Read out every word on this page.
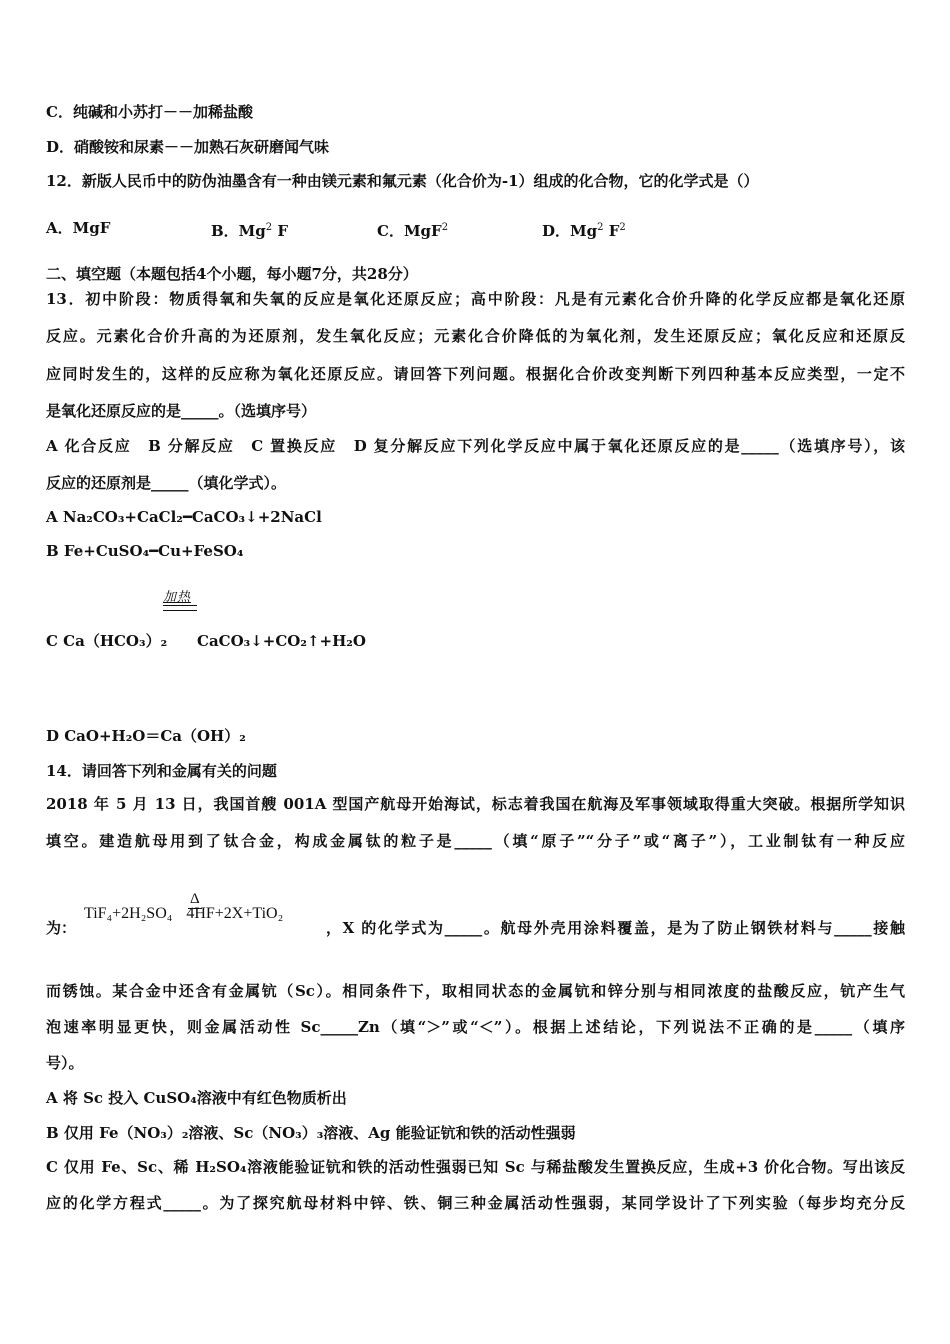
C．纯碱和小苏打－－加稀盐酸
D．硝酸铵和尿素－－加熟石灰研磨闻气味
12．新版人民币中的防伪油墨含有一种由镁元素和氟元素（化合价为-1）组成的化合物，它的化学式是（）
A．MgF	B．Mg$^2$ F	C．MgF$^2$	D．Mg$^2$ $F^2$
二、填空题（本题包括4个小题，每小题7分，共28分）
13．初中阶段：物质得氧和失氧的反应是氧化还原反应；高中阶段：凡是有元素化合价升降的化学反应都是氧化还原
反应。元素化合价升高的为还原剂，发生氧化反应；元素化合价降低的为氧化剂，发生还原反应；氧化反应和还原反
应同时发生的，这样的反应称为氧化还原反应。请回答下列问题。根据化合价改变判断下列四种基本反应类型，一定不
是氧化还原反应的是_____。（选填序号）
A 化合反应　B 分解反应　C 置换反应　D 复分解反应下列化学反应中属于氧化还原反应的是_____（选填序号），该
反应的还原剂是_____（填化学式）。
A Na₂CO₃+CaCl₂━CaCO₃↓+2NaCl
B Fe+CuSO₄━Cu+FeSO₄
加热
C Ca（HCO₃）₂ CaCO₃↓+CO₂↑+H₂O
D CaO+H₂O＝Ca（OH）₂
14．请回答下列和金属有关的问题
2018 年 5 月 13 日，我国首艘 001A 型国产航母开始海试，标志着我国在航海及军事领域取得重大突破。根据所学知识
填空。建造航母用到了钛合金，构成金属钛的粒子是_____（填“原子”“分子”或“离子”），工业制钛有一种反应
为：
TiF₄+2H₂SO₄ 4HF+2X+TiO₂
Δ
，X 的化学式为_____。航母外壳用涂料覆盖，是为了防止钢铁材料与_____接触
而锈蚀。某合金中还含有金属钪（Sc）。相同条件下，取相同状态的金属钪和锌分别与相同浓度的盐酸反应，钪产生气
泡速率明显更快，则金属活动性 Sc_____Zn（填“＞”或“＜”）。根据上述结论，下列说法不正确的是_____（填序
号）。
A 将 Sc 投入 CuSO₄溶液中有红色物质析出
B 仅用 Fe（NO₃）₂溶液、Sc（NO₃）₃溶液、Ag 能验证钪和铁的活动性强弱
C 仅用 Fe、Sc、稀 H₂SO₄溶液能验证钪和铁的活动性强弱已知 Sc 与稀盐酸发生置换反应，生成+3 价化合物。写出该反
应的化学方程式_____。为了探究航母材料中锌、铁、铜三种金属活动性强弱，某同学设计了下列实验（每步均充分反
